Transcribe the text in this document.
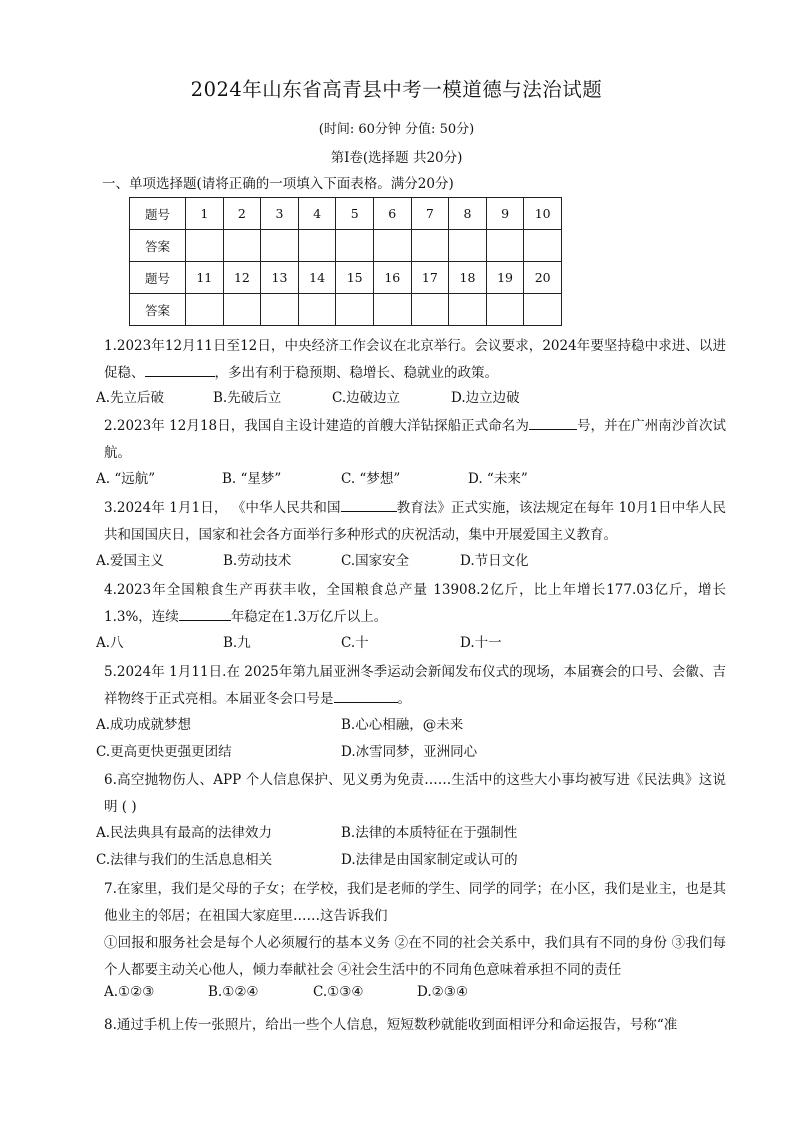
2024年山东省高青县中考一模道德与法治试题
(时间: 60分钟 分值: 50分)
第Ⅰ卷(选择题 共20分)
一、单项选择题(请将正确的一项填入下面表格。满分20分)
题号	1	2	3	4	5	6	7	8	9	10
答案										
题号	11	12	13	14	15	16	17	18	19	20
答案										
1.2023年12月11日至12日，中央经济工作会议在北京举行。会议要求，2024年要坚持稳中求进、以进促稳、	，多出有利于稳预期、稳增长、稳就业的政策。
A.先立后破	B.先破后立	C.边破边立	D.边立边破
2.2023年 12月18日，我国自主设计建造的首艘大洋钻探船正式命名为	号，并在广州南沙首次试航。
A. “远航”	B. “星梦”	C. “梦想”	D. “未来”
3.2024年 1月1日， 《中华人民共和国	教育法》正式实施，该法规定在每年 10月1日中华人民共和国国庆日，国家和社会各方面举行多种形式的庆祝活动，集中开展爱国主义教育。
A.爱国主义	B.劳动技术	C.国家安全	D.节日文化
4.2023年全国粮食生产再获丰收，全国粮食总产量 13908.2亿斤，比上年增长177.03亿斤，增长1.3%，连续	年稳定在1.3万亿斤以上。
A.八	B.九	C.十	D.十一
5.2024年 1月11日.在 2025年第九届亚洲冬季运动会新闻发布仪式的现场，本届赛会的口号、会徽、吉祥物终于正式亮相。本届亚冬会口号是	。
A.成功成就梦想	B.心心相融，@未来
C.更高更快更强更团结	D.冰雪同梦，亚洲同心
6.高空抛物伤人、APP 个人信息保护、见义勇为免责……生活中的这些大小事均被写进《民法典》这说明 ( )
A.民法典具有最高的法律效力	B.法律的本质特征在于强制性
C.法律与我们的生活息息相关	D.法律是由国家制定或认可的
7.在家里，我们是父母的子女；在学校，我们是老师的学生、同学的同学；在小区，我们是业主，也是其他业主的邻居；在祖国大家庭里……这告诉我们
①回报和服务社会是每个人必须履行的基本义务 ②在不同的社会关系中，我们具有不同的身份 ③我们每个人都要主动关心他人，倾力奉献社会 ④社会生活中的不同角色意味着承担不同的责任
A.①②③	B.①②④	C.①③④	D.②③④
8.通过手机上传一张照片，给出一些个人信息，短短数秒就能收到面相评分和命运报告，号称“准
